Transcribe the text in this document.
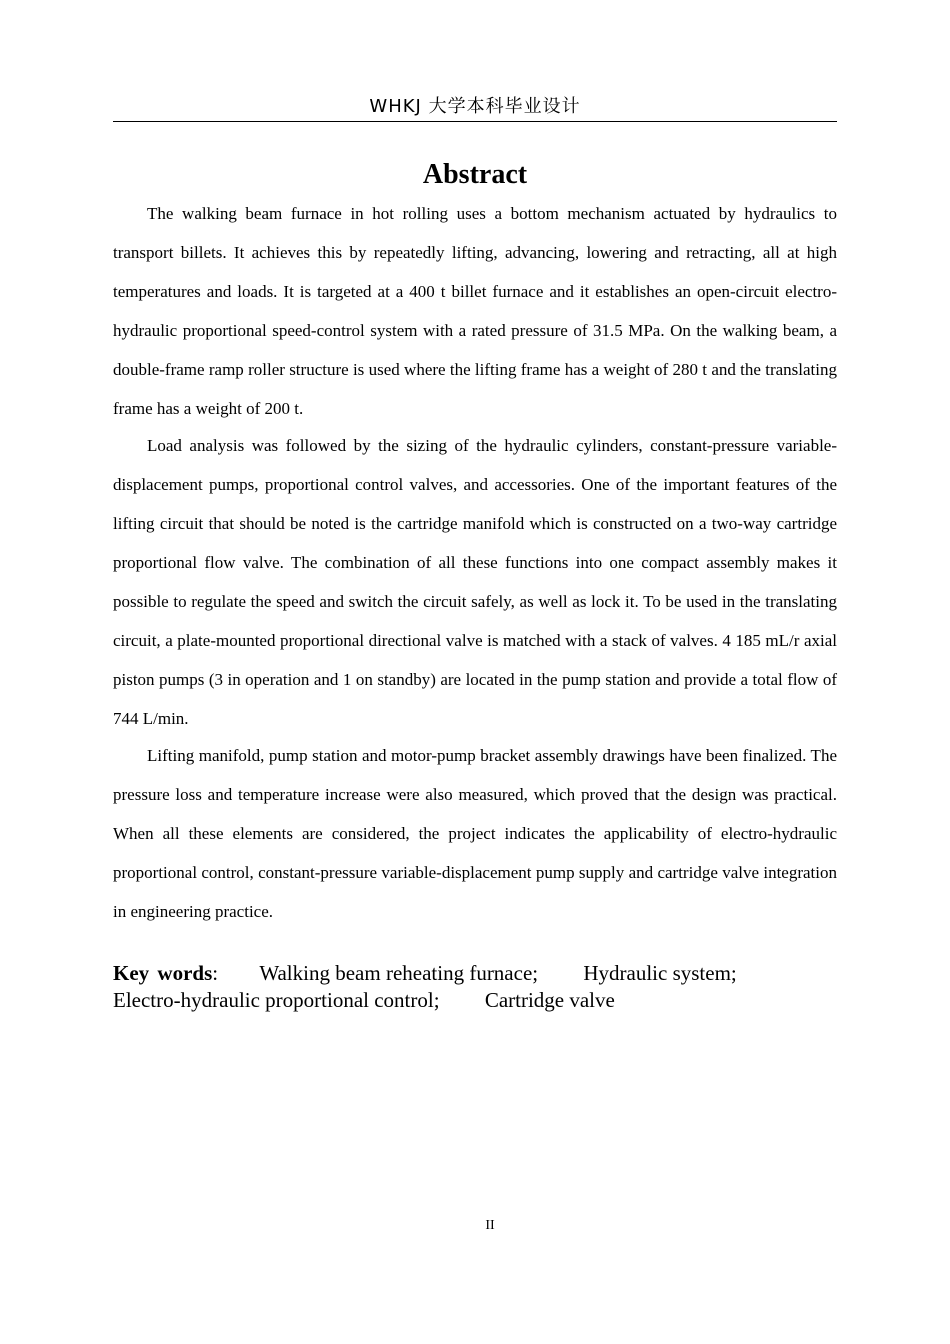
WHKJ 大学本科毕业设计
Abstract

The walking beam furnace in hot rolling uses a bottom mechanism actuated by hydraulics to transport billets. It achieves this by repeatedly lifting, advancing, lowering and retracting, all at high temperatures and loads. It is targeted at a 400 t billet furnace and it establishes an open-circuit electro-hydraulic proportional speed-control system with a rated pressure of 31.5 MPa. On the walking beam, a double-frame ramp roller structure is used where the lifting frame has a weight of 280 t and the translating frame has a weight of 200 t.

Load analysis was followed by the sizing of the hydraulic cylinders, constant-pressure variable-displacement pumps, proportional control valves, and accessories. One of the important features of the lifting circuit that should be noted is the cartridge manifold which is constructed on a two-way cartridge proportional flow valve. The combination of all these functions into one compact assembly makes it possible to regulate the speed and switch the circuit safely, as well as lock it. To be used in the translating circuit, a plate-mounted proportional directional valve is matched with a stack of valves. 4 185 mL/r axial piston pumps (3 in operation and 1 on standby) are located in the pump station and provide a total flow of 744 L/min.

Lifting manifold, pump station and motor-pump bracket assembly drawings have been finalized. The pressure loss and temperature increase were also measured, which proved that the design was practical. When all these elements are considered, the project indicates the applicability of electro-hydraulic proportional control, constant-pressure variable-displacement pump supply and cartridge valve integration in engineering practice.

Key words: Walking beam reheating furnace; Hydraulic system;
Electro-hydraulic proportional control; Cartridge valve
II
